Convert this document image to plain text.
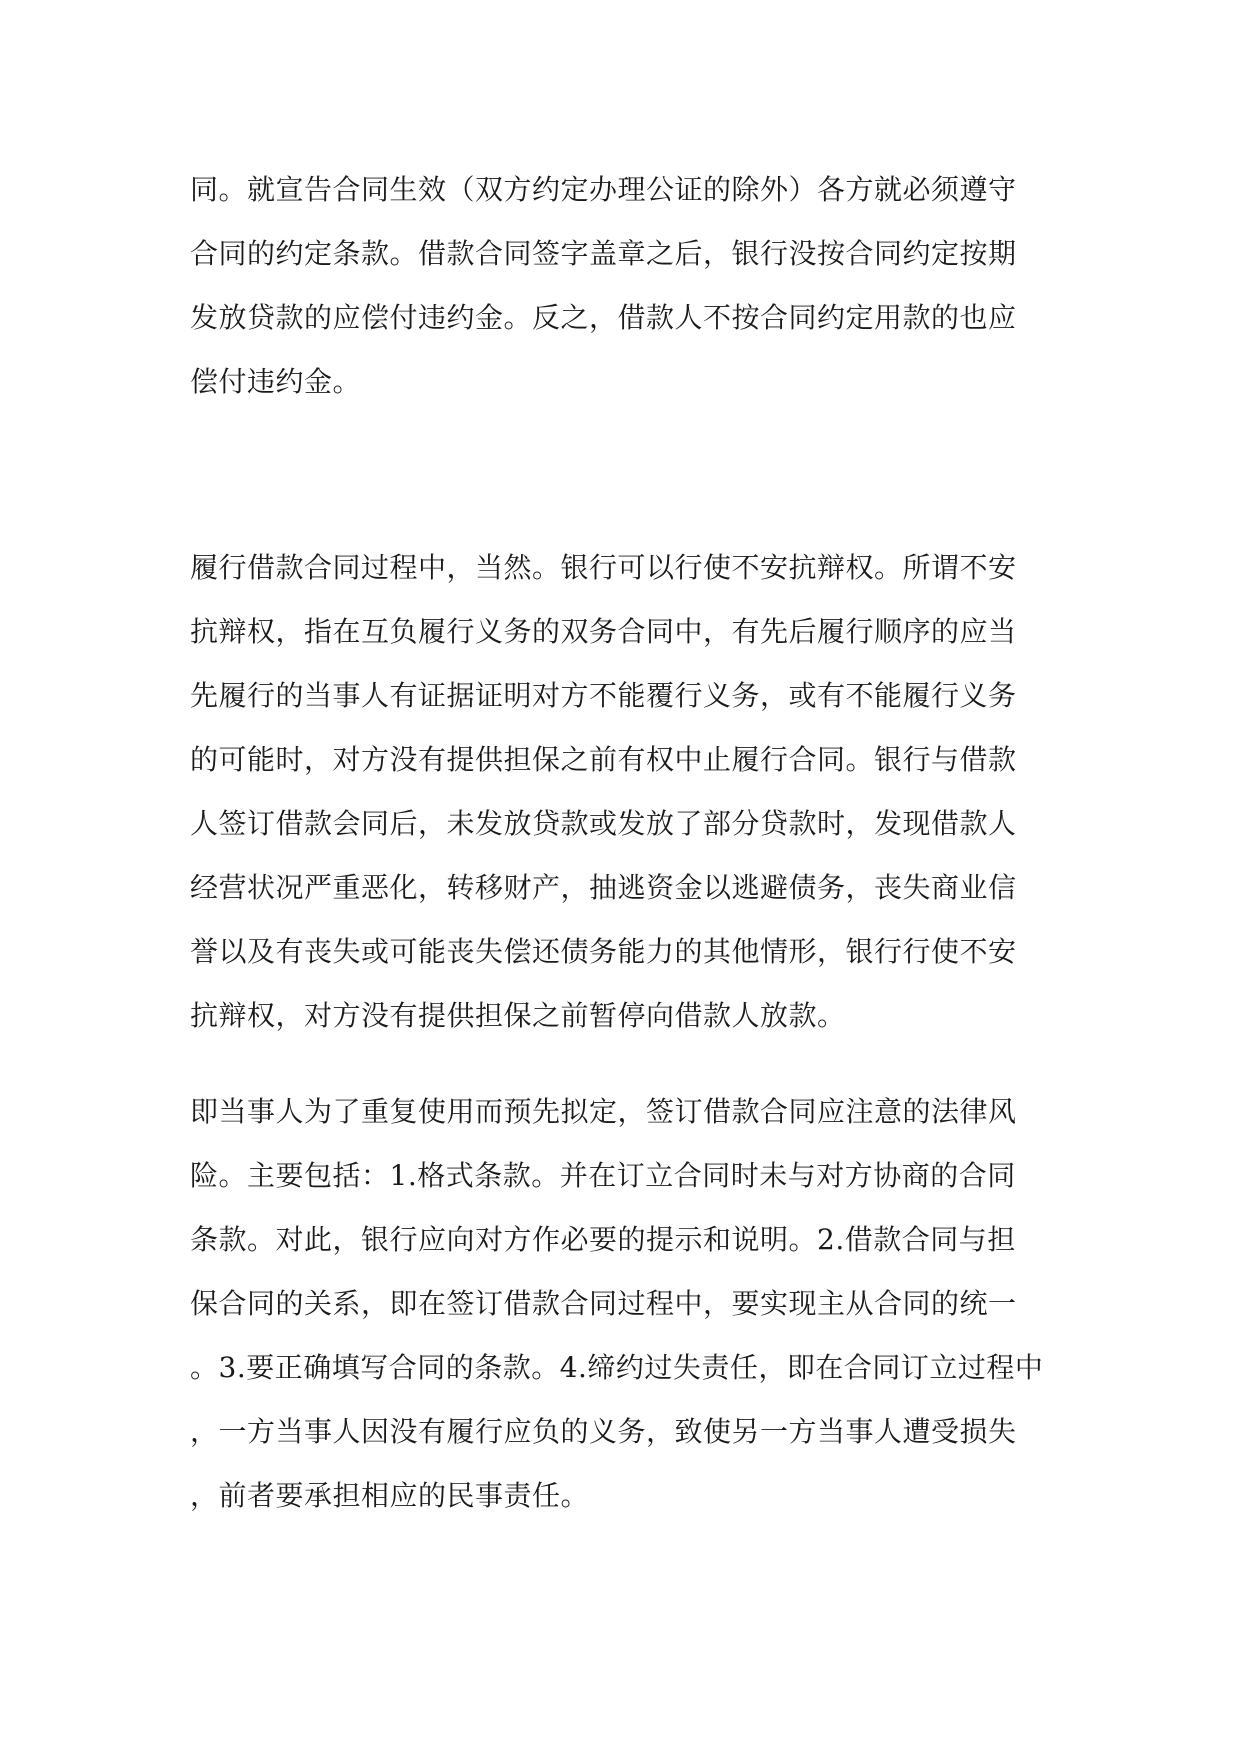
同。就宣告合同生效（双方约定办理公证的除外）各方就必须遵守
合同的约定条款。借款合同签字盖章之后，银行没按合同约定按期
发放贷款的应偿付违约金。反之，借款人不按合同约定用款的也应
偿付违约金。
履行借款合同过程中，当然。银行可以行使不安抗辩权。所谓不安
抗辩权，指在互负履行义务的双务合同中，有先后履行顺序的应当
先履行的当事人有证据证明对方不能覆行义务，或有不能履行义务
的可能时，对方没有提供担保之前有权中止履行合同。银行与借款
人签订借款会同后，未发放贷款或发放了部分贷款时，发现借款人
经营状况严重恶化，转移财产，抽逃资金以逃避债务，丧失商业信
誉以及有丧失或可能丧失偿还债务能力的其他情形，银行行使不安
抗辩权，对方没有提供担保之前暂停向借款人放款。
即当事人为了重复使用而预先拟定，签订借款合同应注意的法律风
险。主要包括：1.格式条款。并在订立合同时未与对方协商的合同
条款。对此，银行应向对方作必要的提示和说明。2.借款合同与担
保合同的关系，即在签订借款合同过程中，要实现主从合同的统一
。3.要正确填写合同的条款。4.缔约过失责任，即在合同订立过程中
，一方当事人因没有履行应负的义务，致使另一方当事人遭受损失
，前者要承担相应的民事责任。
